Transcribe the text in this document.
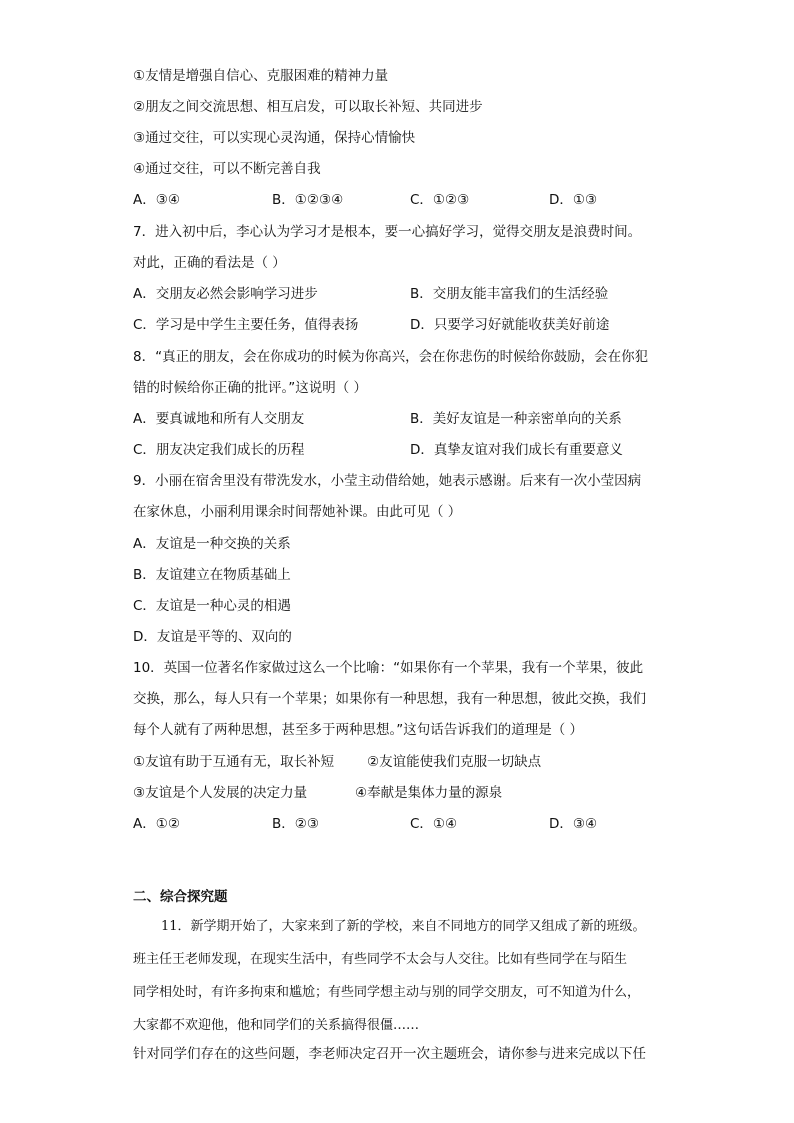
①友情是增强自信心、克服困难的精神力量
②朋友之间交流思想、相互启发，可以取长补短、共同进步
③通过交往，可以实现心灵沟通，保持心情愉快
④通过交往，可以不断完善自我
A．③④	B．①②③④	C．①②③	D．①③
7．进入初中后，李心认为学习才是根本，要一心搞好学习，觉得交朋友是浪费时间。
对此，正确的看法是（ ）
A．交朋友必然会影响学习进步	B．交朋友能丰富我们的生活经验
C．学习是中学生主要任务，值得表扬	D．只要学习好就能收获美好前途
8．“真正的朋友，会在你成功的时候为你高兴，会在你悲伤的时候给你鼓励，会在你犯
错的时候给你正确的批评。”这说明（ ）
A．要真诚地和所有人交朋友	B．美好友谊是一种亲密单向的关系
C．朋友决定我们成长的历程	D．真挚友谊对我们成长有重要意义
9．小丽在宿舍里没有带洗发水，小莹主动借给她，她表示感谢。后来有一次小莹因病
在家休息，小丽利用课余时间帮她补课。由此可见（ ）
A．友谊是一种交换的关系
B．友谊建立在物质基础上
C．友谊是一种心灵的相遇
D．友谊是平等的、双向的
10．英国一位著名作家做过这么一个比喻：“如果你有一个苹果，我有一个苹果，彼此
交换，那么，每人只有一个苹果；如果你有一种思想，我有一种思想，彼此交换，我们
每个人就有了两种思想，甚至多于两种思想。”这句话告诉我们的道理是（ ）
①友谊有助于互通有无，取长补短 ②友谊能使我们克服一切缺点
③友谊是个人发展的决定力量	④奉献是集体力量的源泉
A．①②	B．②③	C．①④	D．③④
二、综合探究题
11．新学期开始了，大家来到了新的学校，来自不同地方的同学又组成了新的班级。
班主任王老师发现，在现实生活中，有些同学不太会与人交往。比如有些同学在与陌生
同学相处时，有许多拘束和尴尬；有些同学想主动与别的同学交朋友，可不知道为什么，
大家都不欢迎他，他和同学们的关系搞得很僵……
针对同学们存在的这些问题，李老师决定召开一次主题班会，请你参与进来完成以下任
